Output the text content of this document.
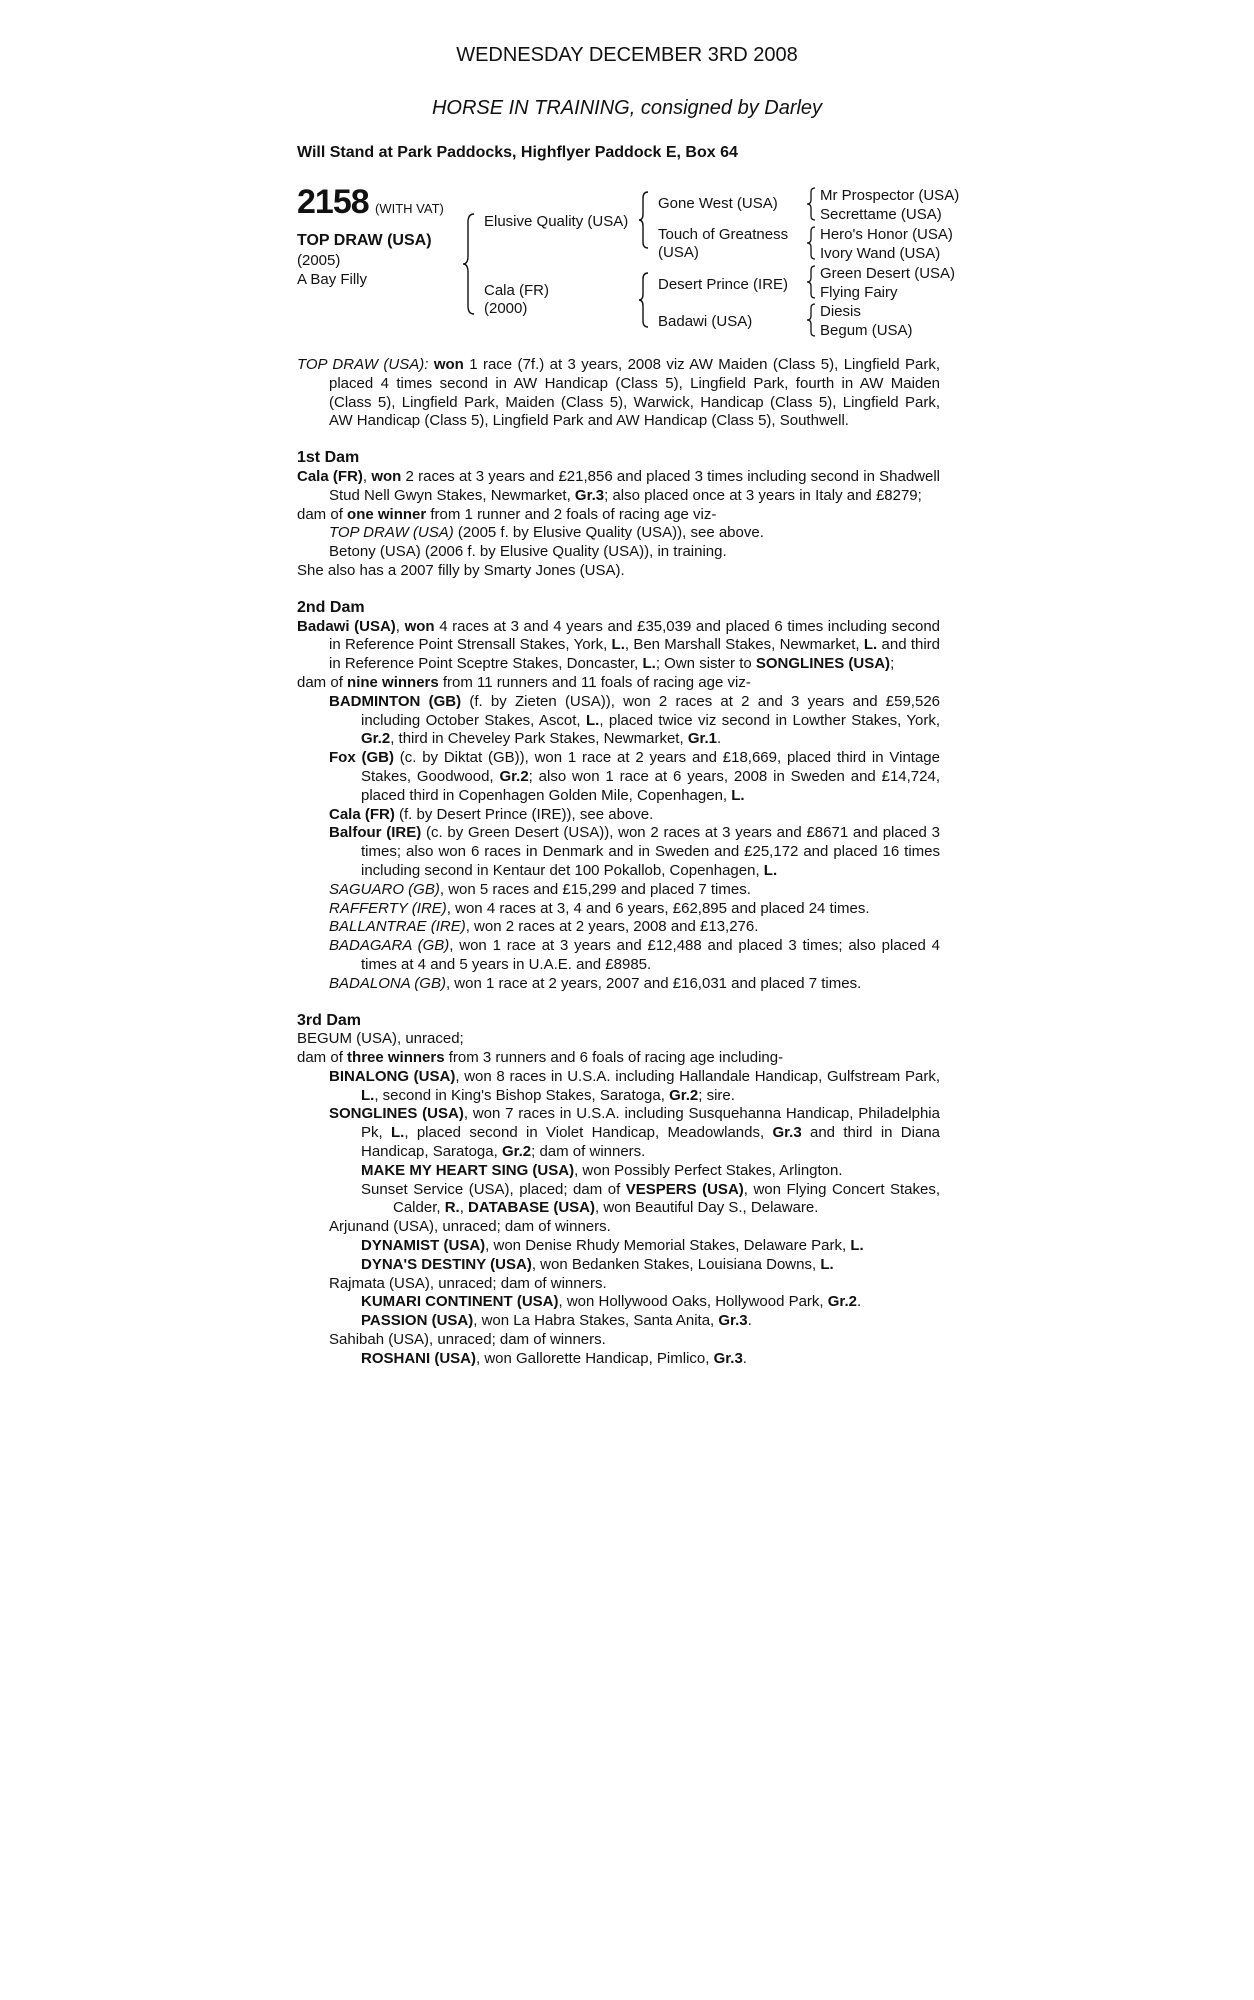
WEDNESDAY DECEMBER 3RD 2008
HORSE IN TRAINING, consigned by Darley
Will Stand at Park Paddocks, Highflyer Paddock E, Box 64
2158 (WITH VAT)
TOP DRAW (USA)
(2005)
A Bay Filly
Elusive Quality (USA)
Cala (FR)
(2000)
Gone West (USA)
Touch of Greatness
(USA)
Desert Prince (IRE)
Badawi (USA)
Mr Prospector (USA)
Secrettame (USA)
Hero's Honor (USA)
Ivory Wand (USA)
Green Desert (USA)
Flying Fairy
Diesis
Begum (USA)

TOP DRAW (USA): won 1 race (7f.) at 3 years, 2008 viz AW Maiden (Class 5), Lingfield Park, placed 4 times second in AW Handicap (Class 5), Lingfield Park, fourth in AW Maiden (Class 5), Lingfield Park, Maiden (Class 5), Warwick, Handicap (Class 5), Lingfield Park, AW Handicap (Class 5), Lingfield Park and AW Handicap (Class 5), Southwell.

1st Dam

Cala (FR), won 2 races at 3 years and £21,856 and placed 3 times including second in Shadwell Stud Nell Gwyn Stakes, Newmarket, Gr.3; also placed once at 3 years in Italy and £8279;

dam of one winner from 1 runner and 2 foals of racing age viz-

TOP DRAW (USA) (2005 f. by Elusive Quality (USA)), see above.

Betony (USA) (2006 f. by Elusive Quality (USA)), in training.

She also has a 2007 filly by Smarty Jones (USA).

2nd Dam

Badawi (USA), won 4 races at 3 and 4 years and £35,039 and placed 6 times including second in Reference Point Strensall Stakes, York, L., Ben Marshall Stakes, Newmarket, L. and third in Reference Point Sceptre Stakes, Doncaster, L.; Own sister to SONGLINES (USA);

dam of nine winners from 11 runners and 11 foals of racing age viz-

BADMINTON (GB) (f. by Zieten (USA)), won 2 races at 2 and 3 years and £59,526 including October Stakes, Ascot, L., placed twice viz second in Lowther Stakes, York, Gr.2, third in Cheveley Park Stakes, Newmarket, Gr.1.

Fox (GB) (c. by Diktat (GB)), won 1 race at 2 years and £18,669, placed third in Vintage Stakes, Goodwood, Gr.2; also won 1 race at 6 years, 2008 in Sweden and £14,724, placed third in Copenhagen Golden Mile, Copenhagen, L.

Cala (FR) (f. by Desert Prince (IRE)), see above.

Balfour (IRE) (c. by Green Desert (USA)), won 2 races at 3 years and £8671 and placed 3 times; also won 6 races in Denmark and in Sweden and £25,172 and placed 16 times including second in Kentaur det 100 Pokallob, Copenhagen, L.

SAGUARO (GB), won 5 races and £15,299 and placed 7 times.

RAFFERTY (IRE), won 4 races at 3, 4 and 6 years, £62,895 and placed 24 times.

BALLANTRAE (IRE), won 2 races at 2 years, 2008 and £13,276.

BADAGARA (GB), won 1 race at 3 years and £12,488 and placed 3 times; also placed 4 times at 4 and 5 years in U.A.E. and £8985.

BADALONA (GB), won 1 race at 2 years, 2007 and £16,031 and placed 7 times.

3rd Dam

BEGUM (USA), unraced;

dam of three winners from 3 runners and 6 foals of racing age including-

BINALONG (USA), won 8 races in U.S.A. including Hallandale Handicap, Gulfstream Park, L., second in King's Bishop Stakes, Saratoga, Gr.2; sire.

SONGLINES (USA), won 7 races in U.S.A. including Susquehanna Handicap, Philadelphia Pk, L., placed second in Violet Handicap, Meadowlands, Gr.3 and third in Diana Handicap, Saratoga, Gr.2; dam of winners.

MAKE MY HEART SING (USA), won Possibly Perfect Stakes, Arlington.

Sunset Service (USA), placed; dam of VESPERS (USA), won Flying Concert Stakes, Calder, R., DATABASE (USA), won Beautiful Day S., Delaware.

Arjunand (USA), unraced; dam of winners.

DYNAMIST (USA), won Denise Rhudy Memorial Stakes, Delaware Park, L.

DYNA'S DESTINY (USA), won Bedanken Stakes, Louisiana Downs, L.

Rajmata (USA), unraced; dam of winners.

KUMARI CONTINENT (USA), won Hollywood Oaks, Hollywood Park, Gr.2.

PASSION (USA), won La Habra Stakes, Santa Anita, Gr.3.

Sahibah (USA), unraced; dam of winners.

ROSHANI (USA), won Gallorette Handicap, Pimlico, Gr.3.
